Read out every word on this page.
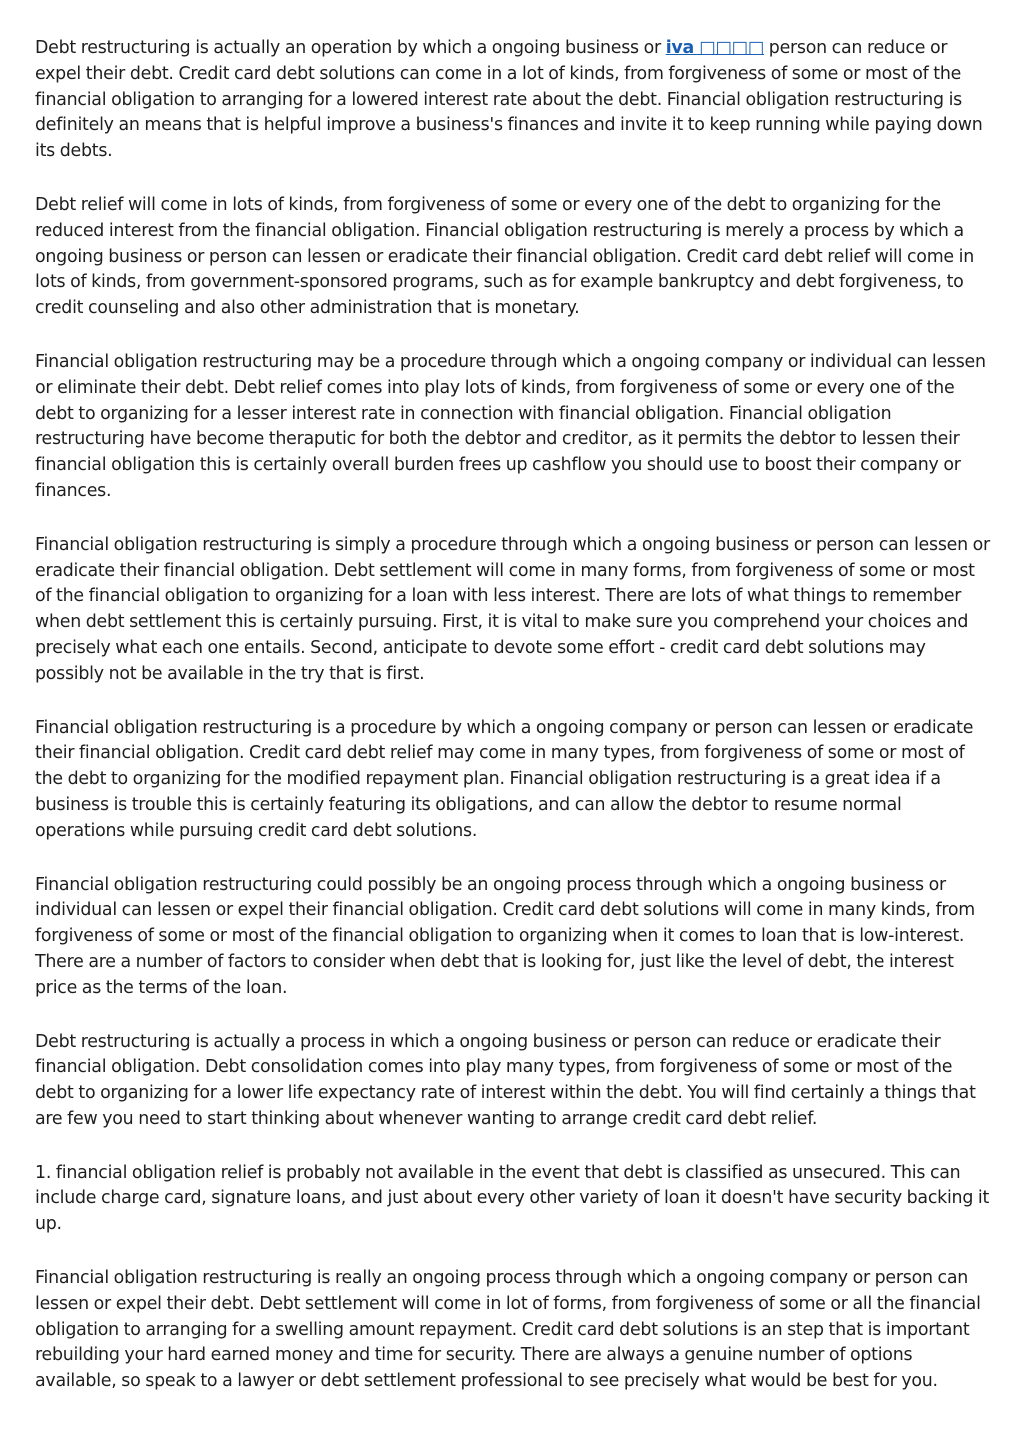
Debt restructuring is actually an operation by which a ongoing business or iva □□□□ person can reduce or expel their debt. Credit card debt solutions can come in a lot of kinds, from forgiveness of some or most of the financial obligation to arranging for a lowered interest rate about the debt. Financial obligation restructuring is definitely an means that is helpful improve a business's finances and invite it to keep running while paying down its debts.

Debt relief will come in lots of kinds, from forgiveness of some or every one of the debt to organizing for the reduced interest from the financial obligation. Financial obligation restructuring is merely a process by which a ongoing business or person can lessen or eradicate their financial obligation. Credit card debt relief will come in lots of kinds, from government-sponsored programs, such as for example bankruptcy and debt forgiveness, to credit counseling and also other administration that is monetary.

Financial obligation restructuring may be a procedure through which a ongoing company or individual can lessen or eliminate their debt. Debt relief comes into play lots of kinds, from forgiveness of some or every one of the debt to organizing for a lesser interest rate in connection with financial obligation. Financial obligation restructuring have become theraputic for both the debtor and creditor, as it permits the debtor to lessen their financial obligation this is certainly overall burden frees up cashflow you should use to boost their company or finances.

Financial obligation restructuring is simply a procedure through which a ongoing business or person can lessen or eradicate their financial obligation. Debt settlement will come in many forms, from forgiveness of some or most of the financial obligation to organizing for a loan with less interest. There are lots of what things to remember when debt settlement this is certainly pursuing. First, it is vital to make sure you comprehend your choices and precisely what each one entails. Second, anticipate to devote some effort - credit card debt solutions may possibly not be available in the try that is first.

Financial obligation restructuring is a procedure by which a ongoing company or person can lessen or eradicate their financial obligation. Credit card debt relief may come in many types, from forgiveness of some or most of the debt to organizing for the modified repayment plan. Financial obligation restructuring is a great idea if a business is trouble this is certainly featuring its obligations, and can allow the debtor to resume normal operations while pursuing credit card debt solutions.

Financial obligation restructuring could possibly be an ongoing process through which a ongoing business or individual can lessen or expel their financial obligation. Credit card debt solutions will come in many kinds, from forgiveness of some or most of the financial obligation to organizing when it comes to loan that is low-interest. There are a number of factors to consider when debt that is looking for, just like the level of debt, the interest price as the terms of the loan.

Debt restructuring is actually a process in which a ongoing business or person can reduce or eradicate their financial obligation. Debt consolidation comes into play many types, from forgiveness of some or most of the debt to organizing for a lower life expectancy rate of interest within the debt. You will find certainly a things that are few you need to start thinking about whenever wanting to arrange credit card debt relief.

1. financial obligation relief is probably not available in the event that debt is classified as unsecured. This can include charge card, signature loans, and just about every other variety of loan it doesn't have security backing it up.

Financial obligation restructuring is really an ongoing process through which a ongoing company or person can lessen or expel their debt. Debt settlement will come in lot of forms, from forgiveness of some or all the financial obligation to arranging for a swelling amount repayment. Credit card debt solutions is an step that is important rebuilding your hard earned money and time for security. There are always a genuine number of options available, so speak to a lawyer or debt settlement professional to see precisely what would be best for you.
